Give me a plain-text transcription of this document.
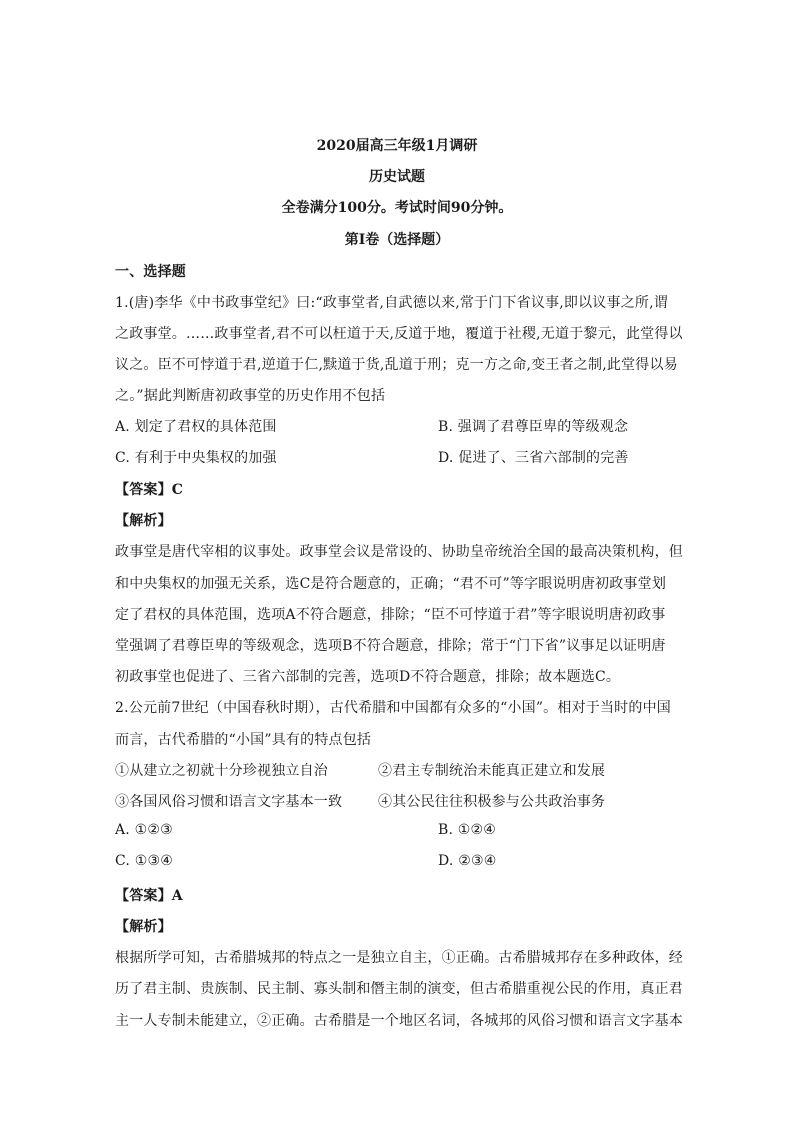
2020届高三年级1月调研
历史试题
全卷满分100分。考试时间90分钟。
第Ⅰ卷（选择题）
一、选择题
1.(唐)李华《中书政事堂纪》曰:“政事堂者,自武德以来,常于门下省议事,即以议事之所,谓
之政事堂。……政事堂者,君不可以枉道于天,反道于地，覆道于社稷,无道于黎元，此堂得以
议之。臣不可悖道于君,逆道于仁,黩道于货,乱道于刑；克一方之命,变王者之制,此堂得以易
之。”据此判断唐初政事堂的历史作用不包括
A. 划定了君权的具体范围	B. 强调了君尊臣卑的等级观念
C. 有利于中央集权的加强	D. 促进了、三省六部制的完善
【答案】C
【解析】
政事堂是唐代宰相的议事处。政事堂会议是常设的、协助皇帝统治全国的最高决策机构，但
和中央集权的加强无关系，选C是符合题意的，正确；“君不可”等字眼说明唐初政事堂划
定了君权的具体范围，选项A不符合题意，排除；“臣不可悖道于君”等字眼说明唐初政事
堂强调了君尊臣卑的等级观念，选项B不符合题意，排除；常于“门下省”议事足以证明唐
初政事堂也促进了、三省六部制的完善，选项D不符合题意，排除；故本题选C。
2.公元前7世纪（中国春秋时期），古代希腊和中国都有众多的“小国”。相对于当时的中国
而言，古代希腊的“小国”具有的特点包括
①从建立之初就十分珍视独立自治	②君主专制统治未能真正建立和发展
③各国风俗习惯和语言文字基本一致	④其公民往往积极参与公共政治事务
A. ①②③	B. ①②④
C. ①③④	D. ②③④
【答案】A
【解析】
根据所学可知，古希腊城邦的特点之一是独立自主，①正确。古希腊城邦存在多种政体，经
历了君主制、贵族制、民主制、寡头制和僭主制的演变，但古希腊重视公民的作用，真正君
主一人专制未能建立，②正确。古希腊是一个地区名词，各城邦的风俗习惯和语言文字基本
